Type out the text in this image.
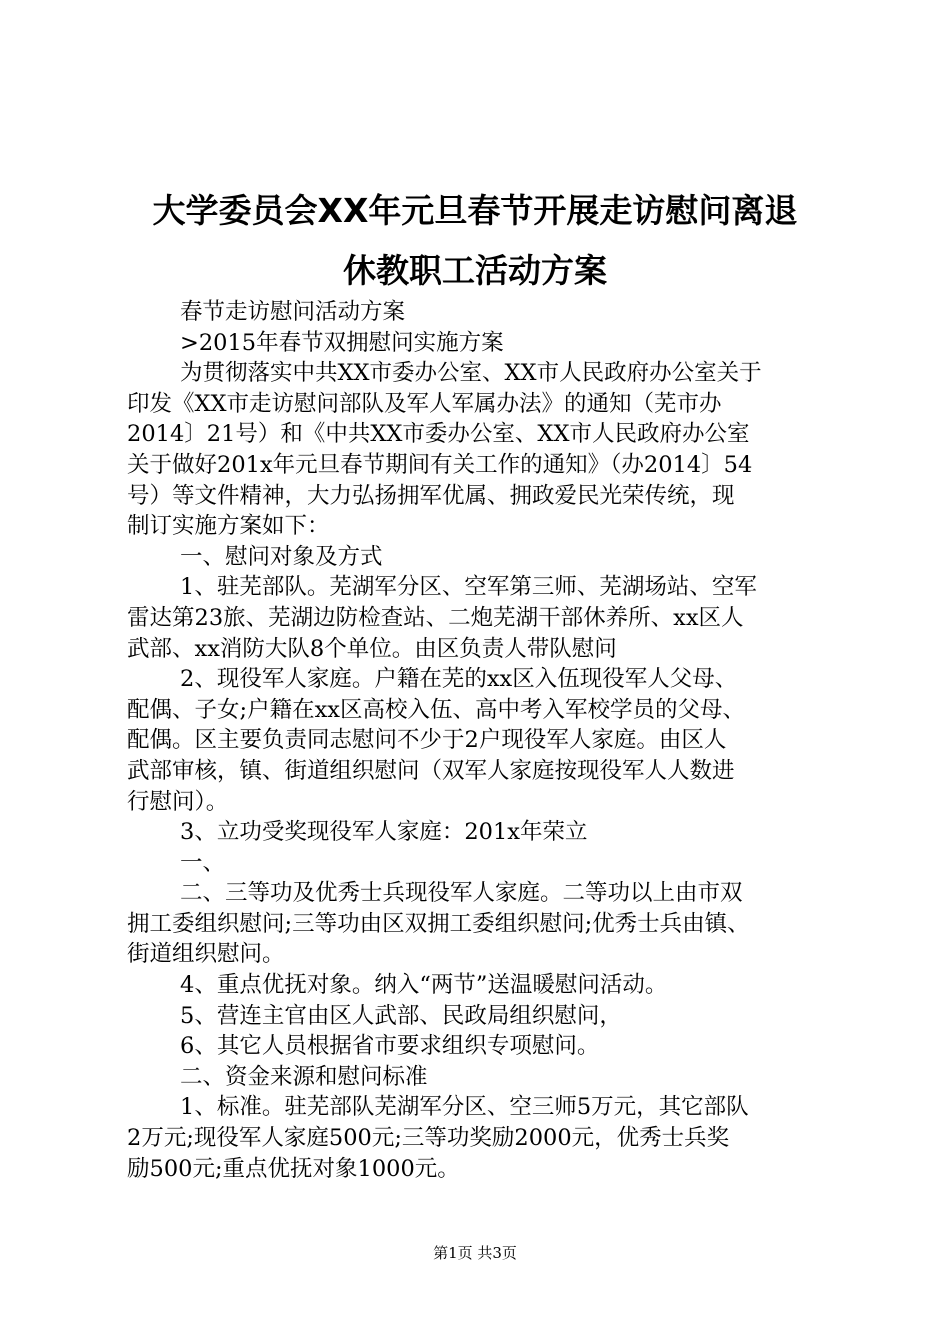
大学委员会XX年元旦春节开展走访慰问离退
休教职工活动方案
春节走访慰问活动方案
>2015年春节双拥慰问实施方案
为贯彻落实中共XX市委办公室、XX市人民政府办公室关于
印发《XX市走访慰问部队及军人军属办法》的通知（芜市办
2014〕21号）和《中共XX市委办公室、XX市人民政府办公室
关于做好201x年元旦春节期间有关工作的通知》（办2014〕54
号）等文件精神，大力弘扬拥军优属、拥政爱民光荣传统，现
制订实施方案如下：
一、慰问对象及方式
1、驻芜部队。芜湖军分区、空军第三师、芜湖场站、空军
雷达第23旅、芜湖边防检查站、二炮芜湖干部休养所、xx区人
武部、xx消防大队8个单位。由区负责人带队慰问
2、现役军人家庭。户籍在芜的xx区入伍现役军人父母、
配偶、子女;户籍在xx区高校入伍、高中考入军校学员的父母、
配偶。区主要负责同志慰问不少于2户现役军人家庭。由区人
武部审核，镇、街道组织慰问（双军人家庭按现役军人人数进
行慰问）。
3、立功受奖现役军人家庭：201x年荣立
一、
二、三等功及优秀士兵现役军人家庭。二等功以上由市双
拥工委组织慰问;三等功由区双拥工委组织慰问;优秀士兵由镇、
街道组织慰问。
4、重点优抚对象。纳入“两节”送温暖慰问活动。
5、营连主官由区人武部、民政局组织慰问，
6、其它人员根据省市要求组织专项慰问。
二、资金来源和慰问标准
1、标准。驻芜部队芜湖军分区、空三师5万元，其它部队
2万元;现役军人家庭500元;三等功奖励2000元，优秀士兵奖
励500元;重点优抚对象1000元。
第1页 共3页
